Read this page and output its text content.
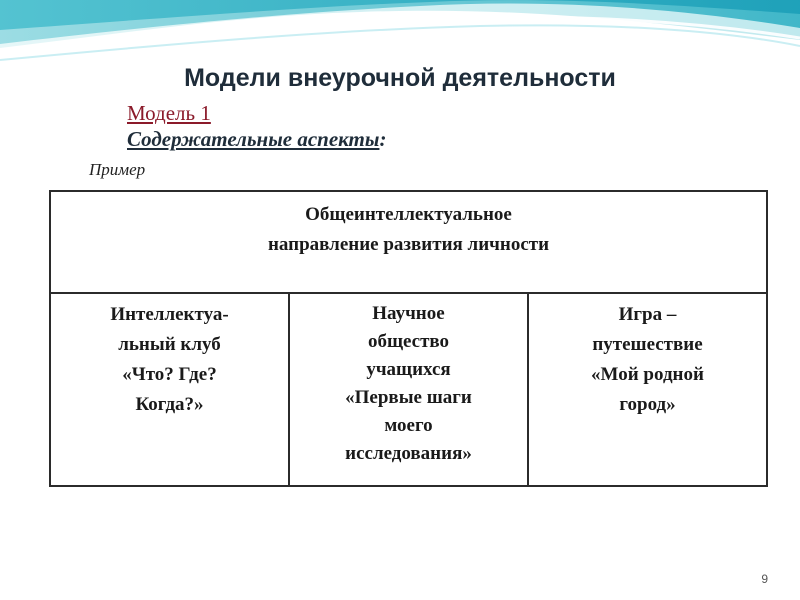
Модели внеурочной деятельности
Модель 1
Содержательные аспекты:
Пример
Общеинтеллектуальное
направление развития личности

Интеллектуа-
льный клуб
«Что? Где?
Когда?»

Научное
общество
учащихся
«Первые шаги
моего
исследования»

Игра –
путешествие
«Мой родной
город»
9
